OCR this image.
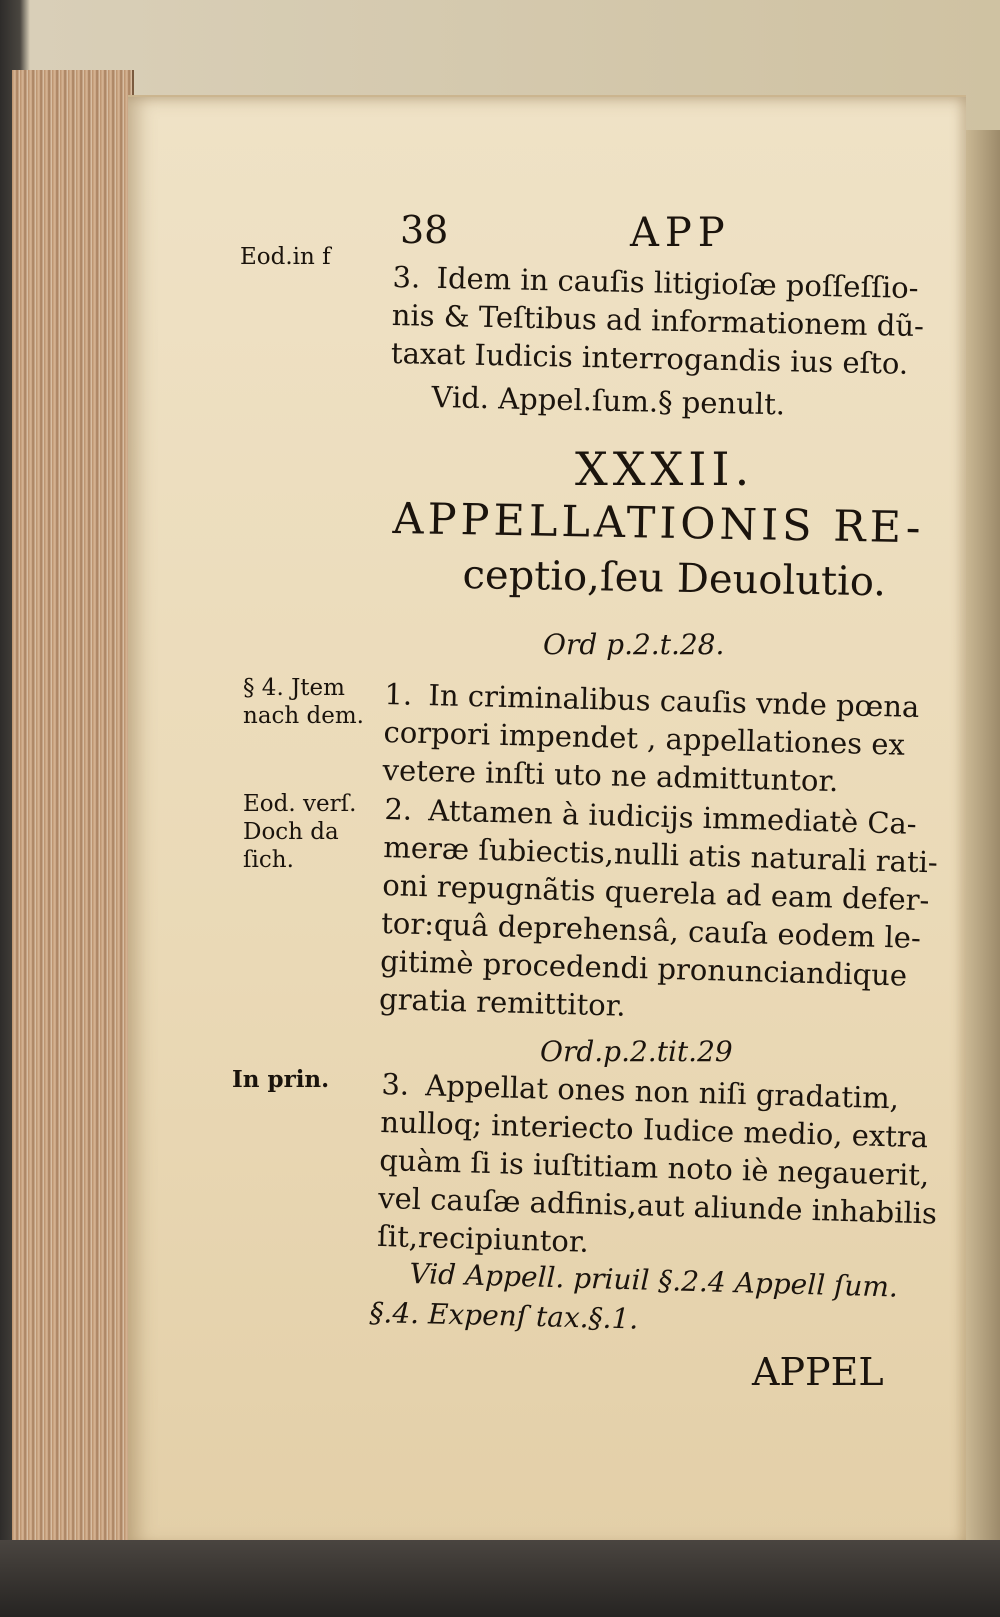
38	APP
Eod.in f
3. Idem in cauſis litigioſæ poſſeſſio-
nis & Teſtibus ad informationem dũ-
taxat Iudicis interrogandis ius eſto.
Vid. Appel.ſum.§ penult.
XXXII.
APPELLATIONIS RE-
ceptio,ſeu Deuolutio.
Ord p.2.t.28.
§ 4. Jtem
nach dem.
1. In criminalibus cauſis vnde pœna
corpori impendet , appellationes ex
vetere inſti uto ne admittuntor.
Eod. verſ.
Doch da
ſich.
2. Attamen à iudicijs immediatè Ca-
meræ ſubiectis,nulli atis naturali rati-
oni repugnãtis querela ad eam defer-
tor:quâ deprehensâ, cauſa eodem le-
gitimè procedendi pronunciandique
gratia remittitor.
Ord.p.2.tit.29
In prin. 3. Appellat ones non niſi gradatim,
nulloq; interiecto Iudice medio, extra
quàm ſi is iuſtitiam noto iè negauerit,
vel cauſæ adfinis,aut aliunde inhabilis
ſit,recipiuntor.
Vid Appell. priuil §.2.4 Appell ſum.
§.4. Expenſ tax.§.1.
APPEL
